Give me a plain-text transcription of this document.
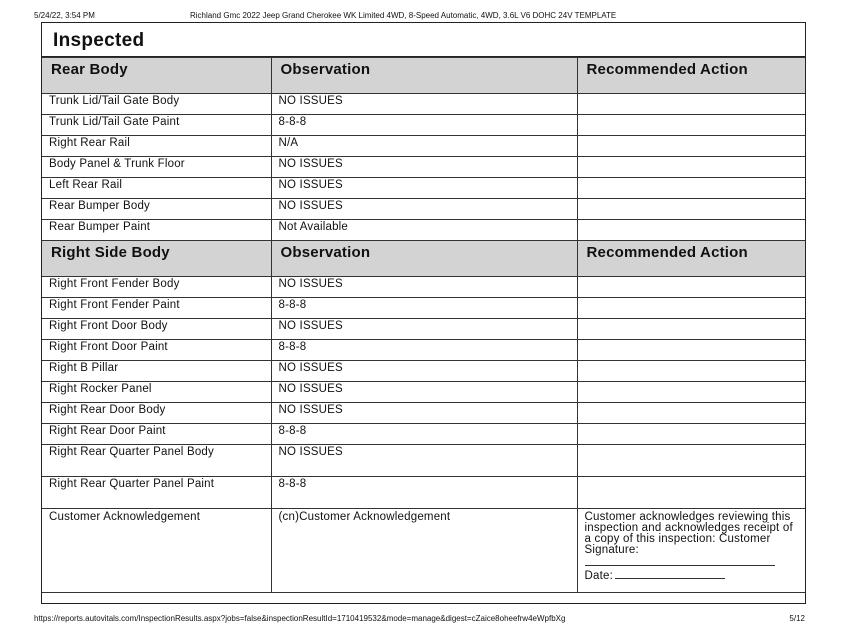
5/24/22, 3:54 PM	Richland Gmc 2022 Jeep Grand Cherokee WK Limited 4WD, 8-Speed Automatic, 4WD, 3.6L V6 DOHC 24V TEMPLATE
Inspected
Rear Body	Observation	Recommended Action
Trunk Lid/Tail Gate Body	NO ISSUES	
Trunk Lid/Tail Gate Paint	8-8-8	
Right Rear Rail	N/A	
Body Panel & Trunk Floor	NO ISSUES	
Left Rear Rail	NO ISSUES	
Rear Bumper Body	NO ISSUES	
Rear Bumper Paint	Not Available	
Right Side Body	Observation	Recommended Action
Right Front Fender Body	NO ISSUES	
Right Front Fender Paint	8-8-8	
Right Front Door Body	NO ISSUES	
Right Front Door Paint	8-8-8	
Right B Pillar	NO ISSUES	
Right Rocker Panel	NO ISSUES	
Right Rear Door Body	NO ISSUES	
Right Rear Door Paint	8-8-8	
Right Rear Quarter Panel Body	NO ISSUES	
Right Rear Quarter Panel Paint	8-8-8	
Customer Acknowledgement	(cn)Customer Acknowledgement	Customer acknowledges reviewing this inspection and acknowledges receipt of a copy of this inspection: Customer Signature:
Date:
https://reports.autovitals.com/InspectionResults.aspx?jobs=false&inspectionResultId=1710419532&mode=manage&digest=cZaice8oheefrw4eWpfbXg	5/12
